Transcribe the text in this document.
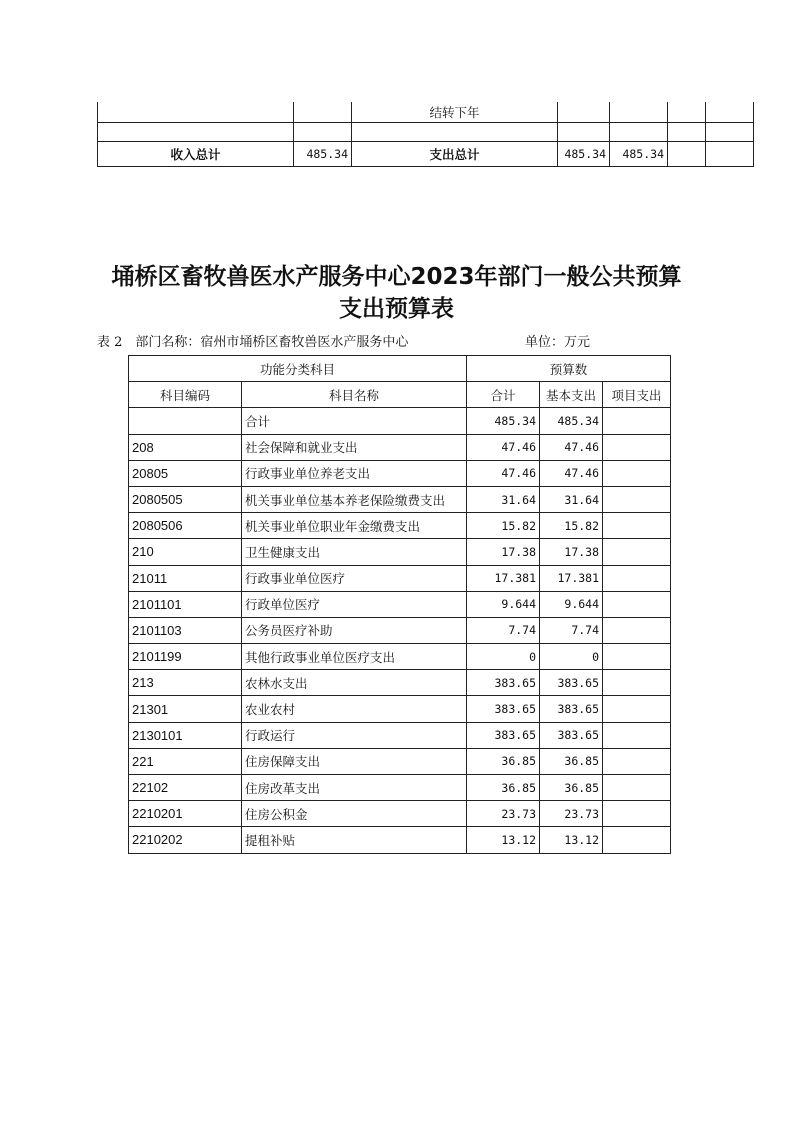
		结转下年				

收入总计	485.34	支出总计	485.34	485.34		
埇桥区畜牧兽医水产服务中心2023年部门一般公共预算
支出预算表
表 2　部门名称：宿州市埇桥区畜牧兽医水产服务中心	单位：万元
功能分类科目		预算数		
科目编码	科目名称	合计	基本支出	项目支出
	合计	485.34	485.34	
208	社会保障和就业支出	47.46	47.46	
20805	行政事业单位养老支出	47.46	47.46	
2080505	机关事业单位基本养老保险缴费支出	31.64	31.64	
2080506	机关事业单位职业年金缴费支出	15.82	15.82	
210	卫生健康支出	17.38	17.38	
21011	行政事业单位医疗	17.381	17.381	
2101101	行政单位医疗	9.644	9.644	
2101103	公务员医疗补助	7.74	7.74	
2101199	其他行政事业单位医疗支出	0	0	
213	农林水支出	383.65	383.65	
21301	农业农村	383.65	383.65	
2130101	行政运行	383.65	383.65	
221	住房保障支出	36.85	36.85	
22102	住房改革支出	36.85	36.85	
2210201	住房公积金	23.73	23.73	
2210202	提租补贴	13.12	13.12	
